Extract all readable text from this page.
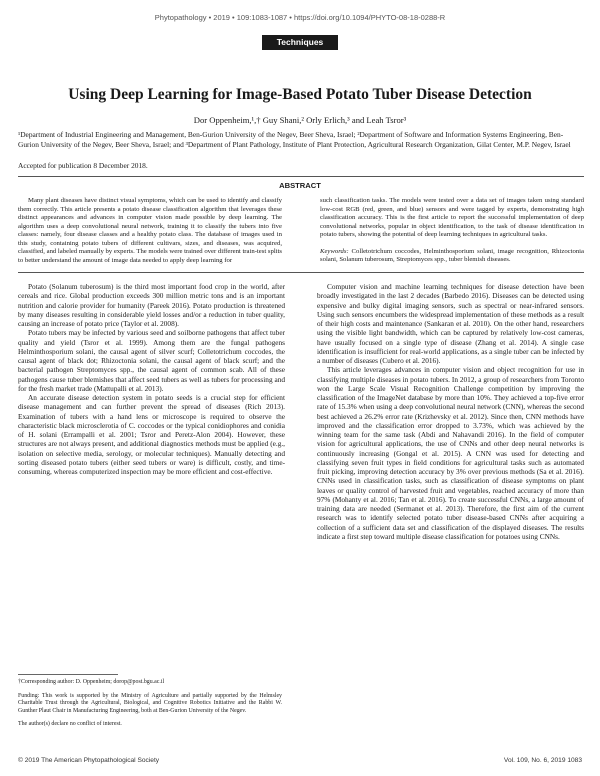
Phytopathology • 2019 • 109:1083-1087 • https://doi.org/10.1094/PHYTO-08-18-0288-R
Techniques
Using Deep Learning for Image-Based Potato Tuber Disease Detection
Dor Oppenheim,¹,† Guy Shani,² Orly Erlich,³ and Leah Tsror³
¹Department of Industrial Engineering and Management, Ben-Gurion University of the Negev, Beer Sheva, Israel; ²Department of Software and Information Systems Engineering, Ben-Gurion University of the Negev, Beer Sheva, Israel; and ³Department of Plant Pathology, Institute of Plant Protection, Agricultural Research Organization, Gilat Center, M.P. Negev, Israel
Accepted for publication 8 December 2018.
ABSTRACT

Many plant diseases have distinct visual symptoms, which can be used to identify and classify them correctly. This article presents a potato disease classification algorithm that leverages these distinct appearances and advances in computer vision made possible by deep learning. The algorithm uses a deep convolutional neural network, training it to classify the tubers into five classes: namely, four disease classes and a healthy potato class. The database of images used in this study, containing potato tubers of different cultivars, sizes, and diseases, was acquired, classified, and labeled manually by experts. The models were trained over different train-test splits to better understand the amount of image data needed to apply deep learning for

such classification tasks. The models were tested over a data set of images taken using standard low-cost RGB (red, green, and blue) sensors and were tagged by experts, demonstrating high classification accuracy. This is the first article to report the successful implementation of deep convolutional networks, popular in object identification, to the task of disease identification in potato tubers, showing the potential of deep learning techniques in agricultural tasks.

Keywords: Colletotrichum coccodes, Helminthosporium solani, image recognition, Rhizoctonia solani, Solanum tuberosum, Streptomyces spp., tuber blemish diseases.

Potato (Solanum tuberosum) is the third most important food crop in the world, after cereals and rice. Global production exceeds 300 million metric tons and is an important nutrition and calorie provider for humanity (Pareek 2016). Potato production is threatened by many diseases resulting in considerable yield losses and/or a reduction in tuber quality, causing an increase of potato price (Taylor et al. 2008).

Potato tubers may be infected by various seed and soilborne pathogens that affect tuber quality and yield (Tsror et al. 1999). Among them are the fungal pathogens Helminthosporium solani, the causal agent of silver scurf; Colletotrichum coccodes, the causal agent of black dot; Rhizoctonia solani, the causal agent of black scurf; and the bacterial pathogen Streptomyces spp., the causal agent of common scab. All of these pathogens cause tuber blemishes that affect seed tubers as well as tubers for processing and for the fresh market trade (Mattupalli et al. 2013).

An accurate disease detection system in potato seeds is a crucial step for efficient disease management and can further prevent the spread of diseases (Rich 2013). Examination of tubers with a hand lens or microscope is required to observe the characteristic black microsclerotia of C. coccodes or the typical conidiophores and conidia of H. solani (Errampalli et al. 2001; Tsror and Peretz-Alon 2004). However, these structures are not always present, and additional diagnostics methods must be applied (e.g., isolation on selective media, serology, or molecular techniques). Manually detecting and sorting diseased potato tubers (either seed tubers or ware) is difficult, costly, and time-consuming, whereas computerized inspection may be more efficient and cost-effective.

†Corresponding author: D. Oppenheim; dorop@post.bgu.ac.il

Funding: This work is supported by the Ministry of Agriculture and partially supported by the Helmsley Charitable Trust through the Agricultural, Biological, and Cognitive Robotics Initiative and the Rabbi W. Gunther Plaut Chair in Manufacturing Engineering, both at Ben-Gurion University of the Negev.

The author(s) declare no conflict of interest.

Computer vision and machine learning techniques for disease detection have been broadly investigated in the last 2 decades (Barbedo 2016). Diseases can be detected using expensive and bulky digital imaging sensors, such as spectral or near-infrared sensors. Using such sensors encumbers the widespread implementation of these methods as a result of their high costs and maintenance (Sankaran et al. 2010). On the other hand, researchers using the visible light bandwidth, which can be captured by relatively low-cost cameras, have usually focused on a single type of disease (Zhang et al. 2014). A single case identification is insufficient for real-world applications, as a single tuber can be infected by a number of diseases (Cubero et al. 2016).

This article leverages advances in computer vision and object recognition for use in classifying multiple diseases in potato tubers. In 2012, a group of researchers from Toronto won the Large Scale Visual Recognition Challenge competition by improving the classification of the ImageNet database by more than 10%. They achieved a top-five error rate of 15.3% when using a deep convolutional neural network (CNN), whereas the second best achieved a 26.2% error rate (Krizhevsky et al. 2012). Since then, CNN methods have improved and the classification error dropped to 3.73%, which was achieved by the winning team for the same task (Abdi and Nahavandi 2016). In the field of computer vision for agricultural applications, the use of CNNs and other deep neural networks is continuously increasing (Gongal et al. 2015). A CNN was used for detecting and classifying seven fruit types in field conditions for agricultural tasks such as automated fruit picking, improving detection accuracy by 3% over previous methods (Sa et al. 2016). CNNs used in classification tasks, such as classification of disease symptoms on plant leaves or quality control of harvested fruit and vegetables, reached accuracy of more than 97% (Mohanty et al. 2016; Tan et al. 2016). To create successful CNNs, a large amount of training data are needed (Sermanet et al. 2013). Therefore, the first aim of the current research was to identify selected potato tuber disease-based CNNs after acquiring a collection of a sufficient data set and classification of the displayed diseases. The results indicate a first step toward multiple disease classification for potatoes using CNNs.

© 2019 The American Phytopathological Society	Vol. 109, No. 6, 2019 1083
